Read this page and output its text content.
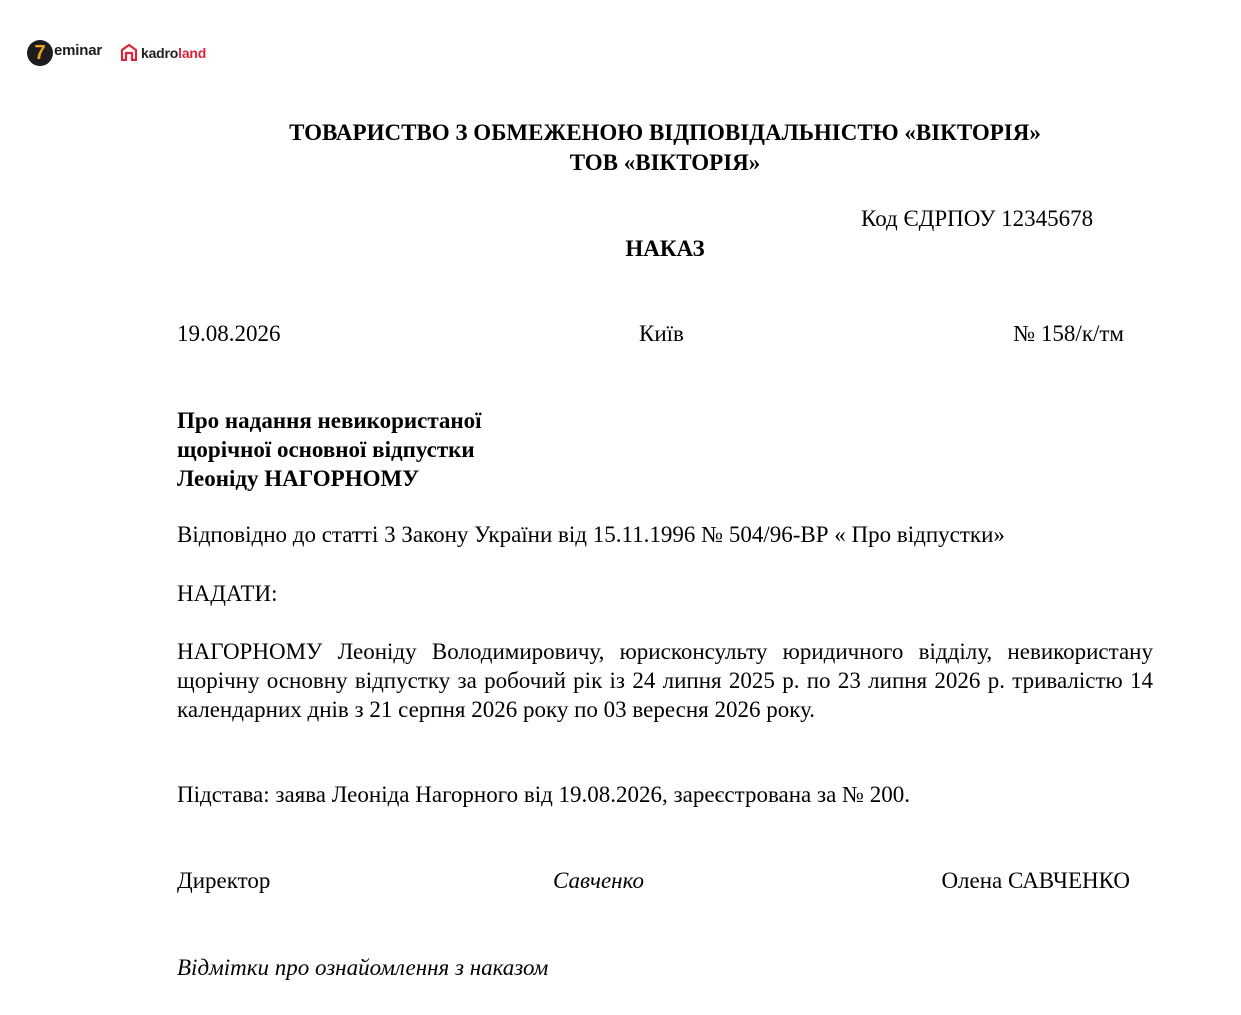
7 eminar	kadroland
ТОВАРИСТВО З ОБМЕЖЕНОЮ ВІДПОВІДАЛЬНІСТЮ «ВІКТОРІЯ»
ТОВ «ВІКТОРІЯ»
Код ЄДРПОУ 12345678
НАКАЗ
19.08.2026	Київ	№ 158/к/тм
Про надання невикористаної
щорічної основної відпустки
Леоніду НАГОРНОМУ
Відповідно до статті 3 Закону України від 15.11.1996 № 504/96-ВР « Про відпустки»
НАДАТИ:
НАГОРНОМУ Леоніду Володимировичу, юрисконсульту юридичного відділу, невикористану щорічну основну відпустку за робочий рік із 24 липня 2025 р. по 23 липня 2026 р. тривалістю 14 календарних днів з 21 серпня 2026 року по 03 вересня 2026 року.
Підстава: заява Леоніда Нагорного від 19.08.2026, зареєстрована за № 200.
Директор	Савченко	Олена САВЧЕНКО
Відмітки про ознайомлення з наказом
